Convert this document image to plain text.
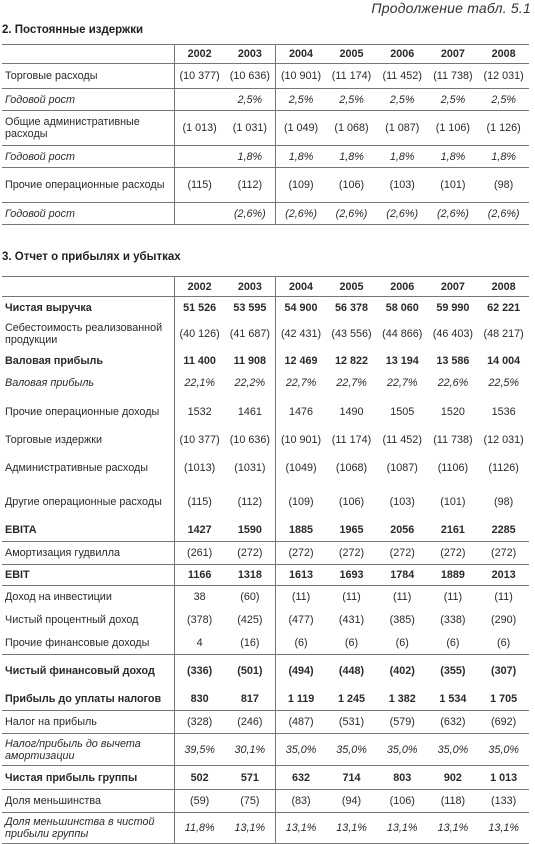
Продолжение табл. 5.1
2. Постоянные издержки
	2002	2003	2004	2005	2006	2007	2008
Торговые расходы	(10 377)	(10 636)	(10 901)	(11 174)	(11 452)	(11 738)	(12 031)
Годовой рост		2,5%	2,5%	2,5%	2,5%	2,5%	2,5%
Общие административные расходы	(1 013)	(1 031)	(1 049)	(1 068)	(1 087)	(1 106)	(1 126)
Годовой рост		1,8%	1,8%	1,8%	1,8%	1,8%	1,8%
Прочие операционные расходы	(115)	(112)	(109)	(106)	(103)	(101)	(98)
Годовой рост		(2,6%)	(2,6%)	(2,6%)	(2,6%)	(2,6%)	(2,6%)
3. Отчет о прибылях и убытках
	2002	2003	2004	2005	2006	2007	2008
Чистая выручка	51 526	53 595	54 900	56 378	58 060	59 990	62 221
Себестоимость реализованной продукции	(40 126)	(41 687)	(42 431)	(43 556)	(44 866)	(46 403)	(48 217)
Валовая прибыль	11 400	11 908	12 469	12 822	13 194	13 586	14 004
Валовая прибыль	22,1%	22,2%	22,7%	22,7%	22,7%	22,6%	22,5%
Прочие операционные доходы	1532	1461	1476	1490	1505	1520	1536
Торговые издержки	(10 377)	(10 636)	(10 901)	(11 174)	(11 452)	(11 738)	(12 031)
Административные расходы	(1013)	(1031)	(1049)	(1068)	(1087)	(1106)	(1126)
Другие операционные расходы	(115)	(112)	(109)	(106)	(103)	(101)	(98)
EBITA	1427	1590	1885	1965	2056	2161	2285
Амортизация гудвилла	(261)	(272)	(272)	(272)	(272)	(272)	(272)
EBIT	1166	1318	1613	1693	1784	1889	2013
Доход на инвестиции	38	(60)	(11)	(11)	(11)	(11)	(11)
Чистый процентный доход	(378)	(425)	(477)	(431)	(385)	(338)	(290)
Прочие финансовые доходы	4	(16)	(6)	(6)	(6)	(6)	(6)
Чистый финансовый доход	(336)	(501)	(494)	(448)	(402)	(355)	(307)
Прибыль до уплаты налогов	830	817	1 119	1 245	1 382	1 534	1 705
Налог на прибыль	(328)	(246)	(487)	(531)	(579)	(632)	(692)
Налог/прибыль до вычета амортизации	39,5%	30,1%	35,0%	35,0%	35,0%	35,0%	35,0%
Чистая прибыль группы	502	571	632	714	803	902	1 013
Доля меньшинства	(59)	(75)	(83)	(94)	(106)	(118)	(133)
Доля меньшинства в чистой прибыли группы	11,8%	13,1%	13,1%	13,1%	13,1%	13,1%	13,1%
